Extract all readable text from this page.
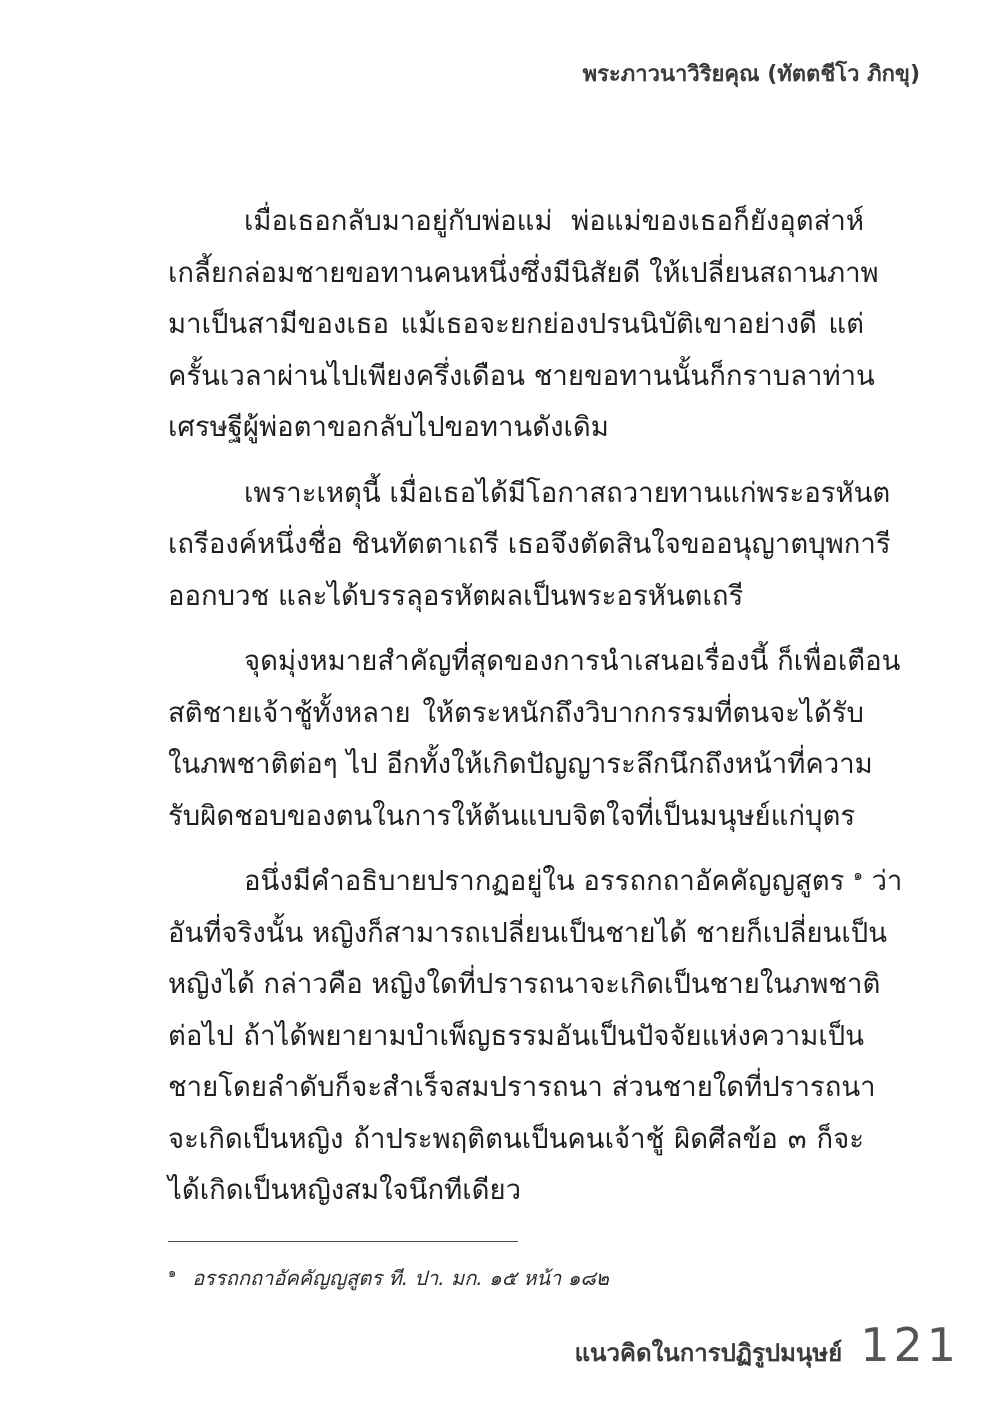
พระภาวนาวิริยคุณ (ทัตตชีโว ภิกขุ)
เมื่อเธอกลับมาอยู่กับพ่อแม่ พ่อแม่ของเธอก็ยังอุตส่าห์
เกลี้ยกล่อมชายขอทานคนหนึ่งซึ่งมีนิสัยดี ให้เปลี่ยนสถานภาพ
มาเป็นสามีของเธอ แม้เธอจะยกย่องปรนนิบัติเขาอย่างดี แต่
ครั้นเวลาผ่านไปเพียงครึ่งเดือน ชายขอทานนั้นก็กราบลาท่าน
เศรษฐีผู้พ่อตาขอกลับไปขอทานดังเดิม
เพราะเหตุนี้ เมื่อเธอได้มีโอกาสถวายทานแก่พระอรหันต
เถรีองค์หนึ่งชื่อ ชินทัตตาเถรี เธอจึงตัดสินใจขออนุญาตบุพการี
ออกบวช และได้บรรลุอรหัตผลเป็นพระอรหันตเถรี
จุดมุ่งหมายสำคัญที่สุดของการนำเสนอเรื่องนี้ ก็เพื่อเตือน
สติชายเจ้าชู้ทั้งหลาย ให้ตระหนักถึงวิบากกรรมที่ตนจะได้รับ
ในภพชาติต่อๆ ไป อีกทั้งให้เกิดปัญญาระลึกนึกถึงหน้าที่ความ
รับผิดชอบของตนในการให้ต้นแบบจิตใจที่เป็นมนุษย์แก่บุตร
อนึ่งมีคำอธิบายปรากฏอยู่ใน อรรถกถาอัคคัญญสูตร $^๑$ ว่า
อันที่จริงนั้น หญิงก็สามารถเปลี่ยนเป็นชายได้ ชายก็เปลี่ยนเป็น
หญิงได้ กล่าวคือ หญิงใดที่ปรารถนาจะเกิดเป็นชายในภพชาติ
ต่อไป ถ้าได้พยายามบำเพ็ญธรรมอันเป็นปัจจัยแห่งความเป็น
ชายโดยลำดับก็จะสำเร็จสมปรารถนา ส่วนชายใดที่ปรารถนา
จะเกิดเป็นหญิง ถ้าประพฤติตนเป็นคนเจ้าชู้ ผิดศีลข้อ ๓ ก็จะ
ได้เกิดเป็นหญิงสมใจนึกทีเดียว
$^๑$ อรรถกถาอัคคัญญสูตร ที. ปา. มก. ๑๕ หน้า ๑๘๒
แนวคิดในการปฏิรูปมนุษย์ 121
